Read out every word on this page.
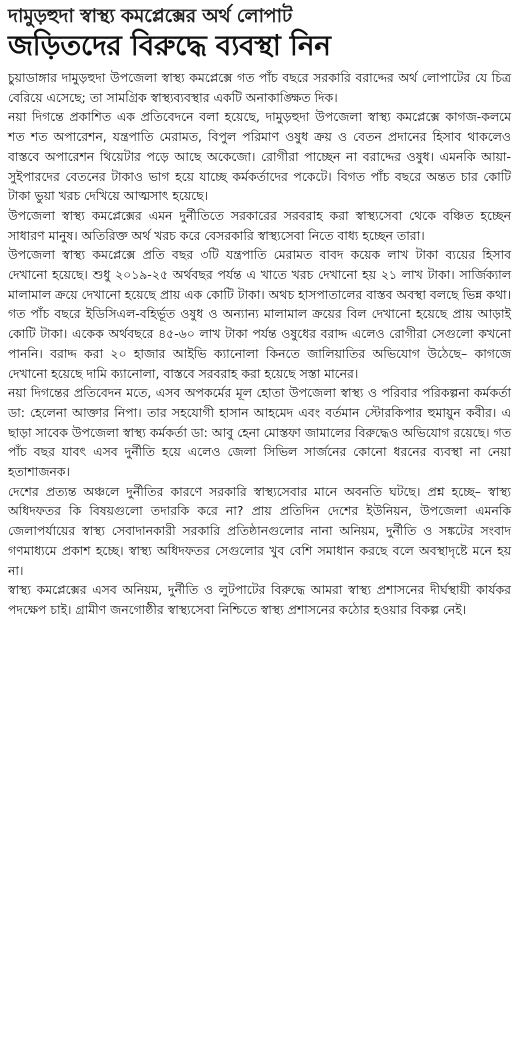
দামুড়হুদা স্বাস্থ্য কমপ্লেক্সের অর্থ লোপাট
জড়িতদের বিরুদ্ধে ব্যবস্থা নিন

চুয়াডাঙ্গার দামুড়হুদা উপজেলা স্বাস্থ্য কমপ্লেক্সে গত পাঁচ বছরে সরকারি বরাদ্দের অর্থ লোপাটের যে চিত্র বেরিয়ে এসেছে; তা সামগ্রিক স্বাস্থ্যব্যবস্থার একটি অনাকাঙ্ক্ষিত দিক।

নয়া দিগন্তে প্রকাশিত এক প্রতিবেদনে বলা হয়েছে, দামুড়হুদা উপজেলা স্বাস্থ্য কমপ্লেক্সে কাগজ-কলমে শত শত অপারেশন, যন্ত্রপাতি মেরামত, বিপুল পরিমাণ ওষুধ ক্রয় ও বেতন প্রদানের হিসাব থাকলেও বাস্তবে অপারেশন থিয়েটার পড়ে আছে অকেজো। রোগীরা পাচ্ছেন না বরাদ্দের ওষুধ। এমনকি আয়া-সুইপারদের বেতনের টাকাও ভাগ হয়ে যাচ্ছে কর্মকর্তাদের পকেটে। বিগত পাঁচ বছরে অন্তত চার কোটি টাকা ভুয়া খরচ দেখিয়ে আত্মসাৎ হয়েছে।

উপজেলা স্বাস্থ্য কমপ্লেক্সের এমন দুর্নীতিতে সরকারের সরবরাহ করা স্বাস্থ্যসেবা থেকে বঞ্চিত হচ্ছেন সাধারণ মানুষ। অতিরিক্ত অর্থ খরচ করে বেসরকারি স্বাস্থ্যসেবা নিতে বাধ্য হচ্ছেন তারা।

উপজেলা স্বাস্থ্য কমপ্লেক্সে প্রতি বছর ৩টি যন্ত্রপাতি মেরামত বাবদ কয়েক লাখ টাকা ব্যয়ের হিসাব দেখানো হয়েছে। শুধু ২০১৯-২৫ অর্থবছর পর্যন্ত এ খাতে খরচ দেখানো হয় ২১ লাখ টাকা। সার্জিক্যাল মালামাল ক্রয়ে দেখানো হয়েছে প্রায় এক কোটি টাকা। অথচ হাসপাতালের বাস্তব অবস্থা বলছে ভিন্ন কথা। গত পাঁচ বছরে ইডিসিএল-বহির্ভূত ওষুধ ও অন্যান্য মালামাল ক্রয়ের বিল দেখানো হয়েছে প্রায় আড়াই কোটি টাকা। একেক অর্থবছরে ৪৫-৬০ লাখ টাকা পর্যন্ত ওষুধের বরাদ্দ এলেও রোগীরা সেগুলো কখনো পাননি। বরাদ্দ করা ২০ হাজার আইভি ক্যানোলা কিনতে জালিয়াতির অভিযোগ উঠেছে– কাগজে দেখানো হয়েছে দামি ক্যানোলা, বাস্তবে সরবরাহ করা হয়েছে সস্তা মানের।

নয়া দিগন্তের প্রতিবেদন মতে, এসব অপকর্মের মূল হোতা উপজেলা স্বাস্থ্য ও পরিবার পরিকল্পনা কর্মকর্তা ডা: হেলেনা আক্তার নিপা। তার সহযোগী হাসান আহমেদ এবং বর্তমান স্টোরকিপার হুমায়ুন কবীর। এ ছাড়া সাবেক উপজেলা স্বাস্থ্য কর্মকর্তা ডা: আবু হেনা মোস্তফা জামালের বিরুদ্ধেও অভিযোগ রয়েছে। গত পাঁচ বছর যাবৎ এসব দুর্নীতি হয়ে এলেও জেলা সিভিল সার্জনের কোনো ধরনের ব্যবস্থা না নেয়া হতাশাজনক।

দেশের প্রত্যন্ত অঞ্চলে দুর্নীতির কারণে সরকারি স্বাস্থ্যসেবার মানে অবনতি ঘটছে। প্রশ্ন হচ্ছে– স্বাস্থ্য অধিদফতর কি বিষয়গুলো তদারকি করে না? প্রায় প্রতিদিন দেশের ইউনিয়ন, উপজেলা এমনকি জেলাপর্যায়ের স্বাস্থ্য সেবাদানকারী সরকারি প্রতিষ্ঠানগুলোর নানা অনিয়ম, দুর্নীতি ও সঙ্কটের সংবাদ গণমাধ্যমে প্রকাশ হচ্ছে। স্বাস্থ্য অধিদফতর সেগুলোর খুব বেশি সমাধান করছে বলে অবস্থাদৃষ্টে মনে হয় না।

স্বাস্থ্য কমপ্লেক্সের এসব অনিয়ম, দুর্নীতি ও লুটপাটের বিরুদ্ধে আমরা স্বাস্থ্য প্রশাসনের দীর্ঘস্থায়ী কার্যকর পদক্ষেপ চাই। গ্রামীণ জনগোষ্ঠীর স্বাস্থ্যসেবা নিশ্চিতে স্বাস্থ্য প্রশাসনের কঠোর হওয়ার বিকল্প নেই।
